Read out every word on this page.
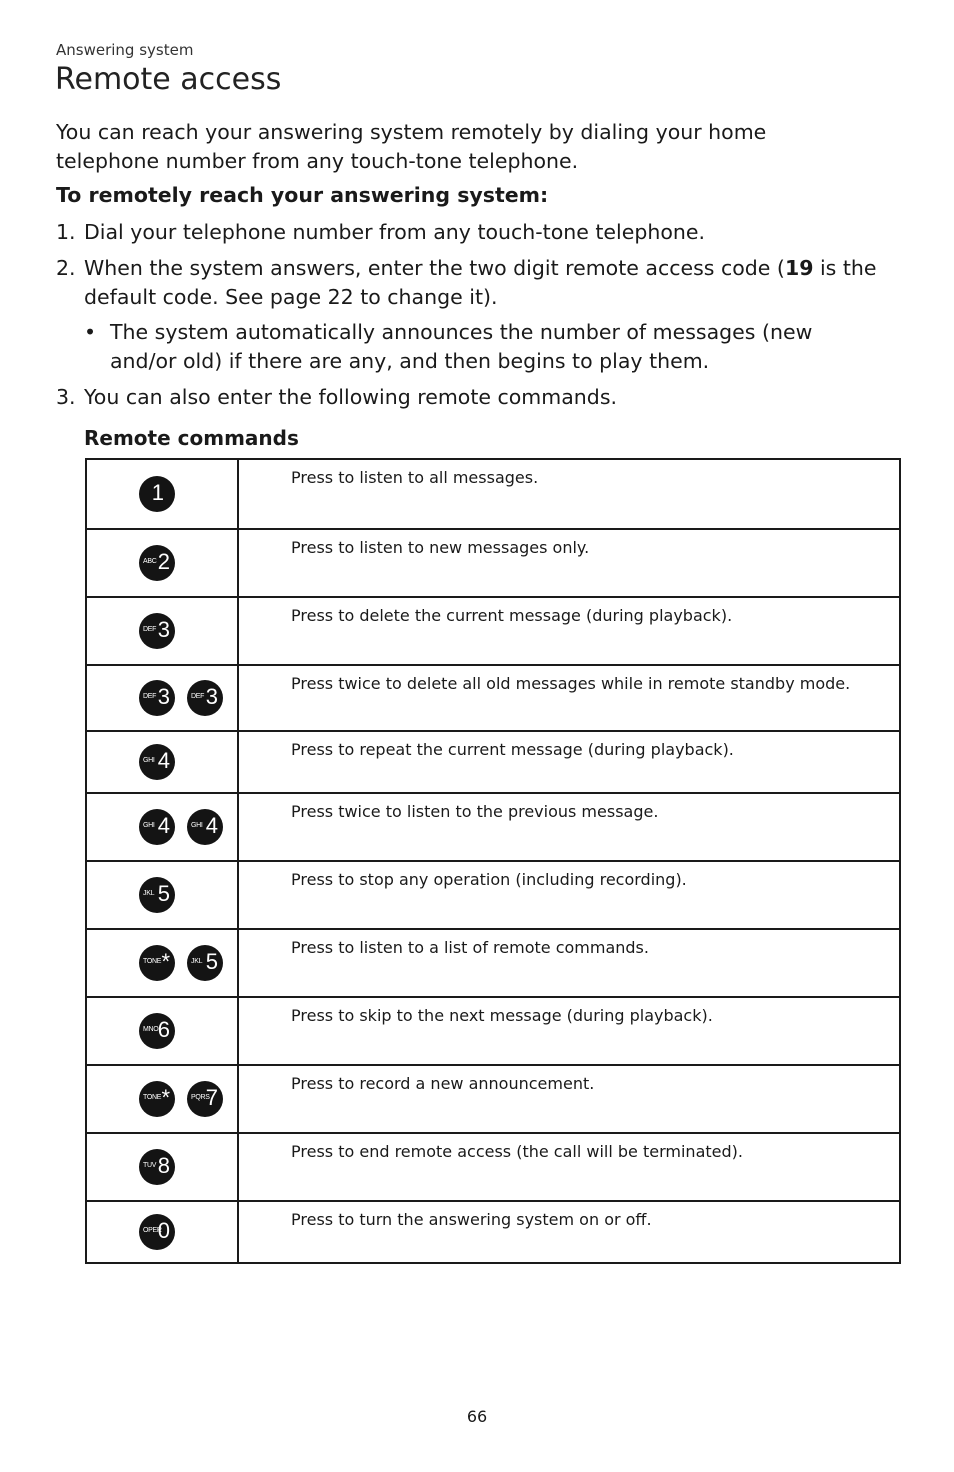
Answering system
Remote access

You can reach your answering system remotely by dialing your home telephone number from any touch-tone telephone.

To remotely reach your answering system:
1. Dial your telephone number from any touch-tone telephone.
2. When the system answers, enter the two digit remote access code (19 is the default code. See page 22 to change it).
• The system automatically announces the number of messages (new and/or old) if there are any, and then begins to play them.
3. You can also enter the following remote commands.
Remote commands
1	Press to listen to all messages.

ABC 2	Press to listen to new messages only.

DEF 3	Press to delete the current message (during playback).

DEF 3 DEF 3	Press twice to delete all old messages while in remote standby mode.

GHI 4	Press to repeat the current message (during playback).

GHI 4 GHI 4	Press twice to listen to the previous message.

JKL 5	Press to stop any operation (including recording).

TONE * JKL 5	Press to listen to a list of remote commands.

MNO 6	Press to skip to the next message (during playback).

TONE * PQRS
7	Press to record a new announcement.

TUV 8	Press to end remote access (the call will be terminated).

OPER
0	Press to turn the answering system on or off.
66
